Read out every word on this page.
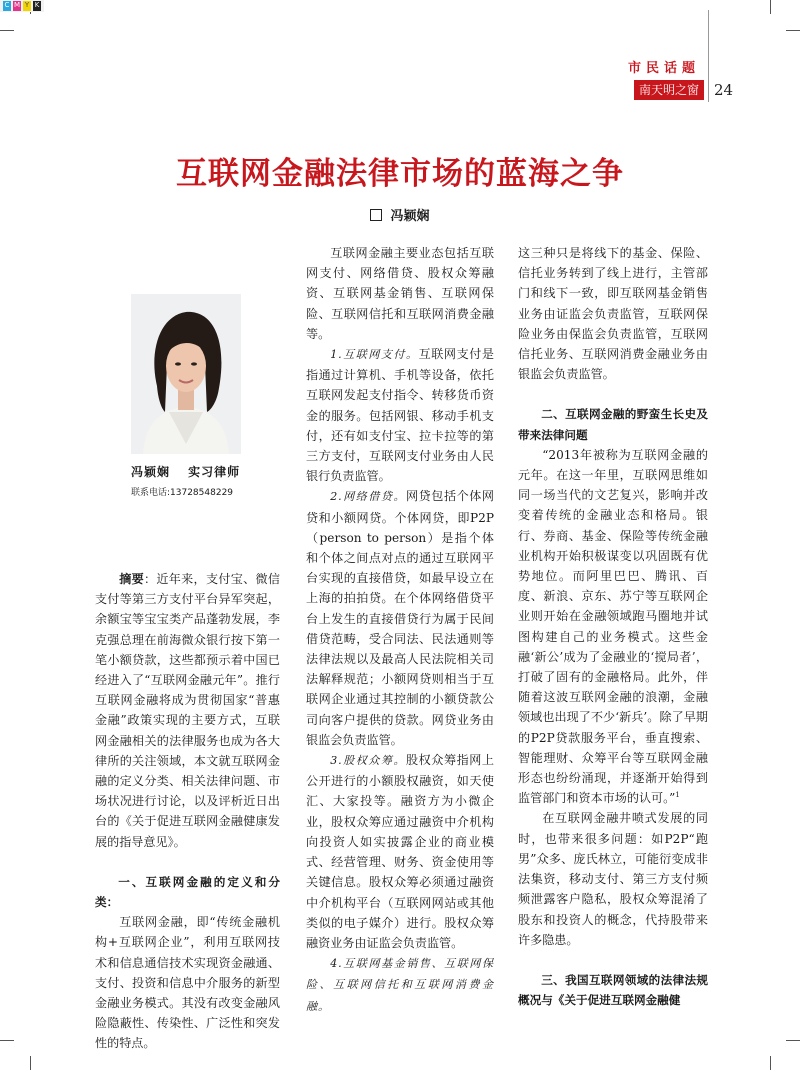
C M Y K
市民话题
南天明之窗	24
互联网金融法律市场的蓝海之争
冯颖娴
冯颖娴　 实习律师
联系电话:13728548229

摘要：近年来，支付宝、微信支付等第三方支付平台异军突起，余额宝等宝宝类产品蓬勃发展，李克强总理在前海微众银行按下第一笔小额贷款，这些都预示着中国已经进入了“互联网金融元年”。推行互联网金融将成为贯彻国家“普惠金融”政策实现的主要方式，互联网金融相关的法律服务也成为各大律所的关注领域，本文就互联网金融的定义分类、相关法律问题、市场状况进行讨论，以及评析近日出台的《关于促进互联网金融健康发展的指导意见》。

一、互联网金融的定义和分类：

互联网金融，即“传统金融机构+互联网企业”，利用互联网技术和信息通信技术实现资金融通、支付、投资和信息中介服务的新型金融业务模式。其没有改变金融风险隐蔽性、传染性、广泛性和突发性的特点。

互联网金融主要业态包括互联网支付、网络借贷、股权众筹融资、互联网基金销售、互联网保险、互联网信托和互联网消费金融等。

1.互联网支付。互联网支付是指通过计算机、手机等设备，依托互联网发起支付指令、转移货币资金的服务。包括网银、移动手机支付，还有如支付宝、拉卡拉等的第三方支付，互联网支付业务由人民银行负责监管。

2.网络借贷。网贷包括个体网贷和小额网贷。个体网贷，即P2P（person to person）是指个体和个体之间点对点的通过互联网平台实现的直接借贷，如最早设立在上海的拍拍贷。在个体网络借贷平台上发生的直接借贷行为属于民间借贷范畴，受合同法、民法通则等法律法规以及最高人民法院相关司法解释规范；小额网贷则相当于互联网企业通过其控制的小额贷款公司向客户提供的贷款。网贷业务由银监会负责监管。

3.股权众筹。股权众筹指网上公开进行的小额股权融资，如天使汇、大家投等。融资方为小微企业，股权众筹应通过融资中介机构向投资人如实披露企业的商业模式、经营管理、财务、资金使用等关键信息。股权众筹必须通过融资中介机构平台（互联网网站或其他类似的电子媒介）进行。股权众筹融资业务由证监会负责监管。

4.互联网基金销售、互联网保险、互联网信托和互联网消费金融。

这三种只是将线下的基金、保险、信托业务转到了线上进行，主管部门和线下一致，即互联网基金销售业务由证监会负责监管，互联网保险业务由保监会负责监管，互联网信托业务、互联网消费金融业务由银监会负责监管。

二、互联网金融的野蛮生长史及带来法律问题

“2013年被称为互联网金融的元年。在这一年里，互联网思维如同一场当代的文艺复兴，影响并改变着传统的金融业态和格局。银行、券商、基金、保险等传统金融业机构开始积极谋变以巩固既有优势地位。而阿里巴巴、腾讯、百度、新浪、京东、苏宁等互联网企业则开始在金融领域跑马圈地并试图构建自己的业务模式。这些金融‘新公’成为了金融业的‘搅局者’，打破了固有的金融格局。此外，伴随着这波互联网金融的浪潮，金融领域也出现了不少‘新兵’。除了早期的P2P贷款服务平台，垂直搜索、智能理财、众筹平台等互联网金融形态也纷纷涌现，并逐渐开始得到监管部门和资本市场的认可。”$^1$

在互联网金融井喷式发展的同时，也带来很多问题：如P2P“跑男”众多、庞氏林立，可能衍变成非法集资，移动支付、第三方支付频频泄露客户隐私，股权众筹混淆了股东和投资人的概念，代持股带来许多隐患。

三、我国互联网领域的法律法规概况与《关于促进互联网金融健
